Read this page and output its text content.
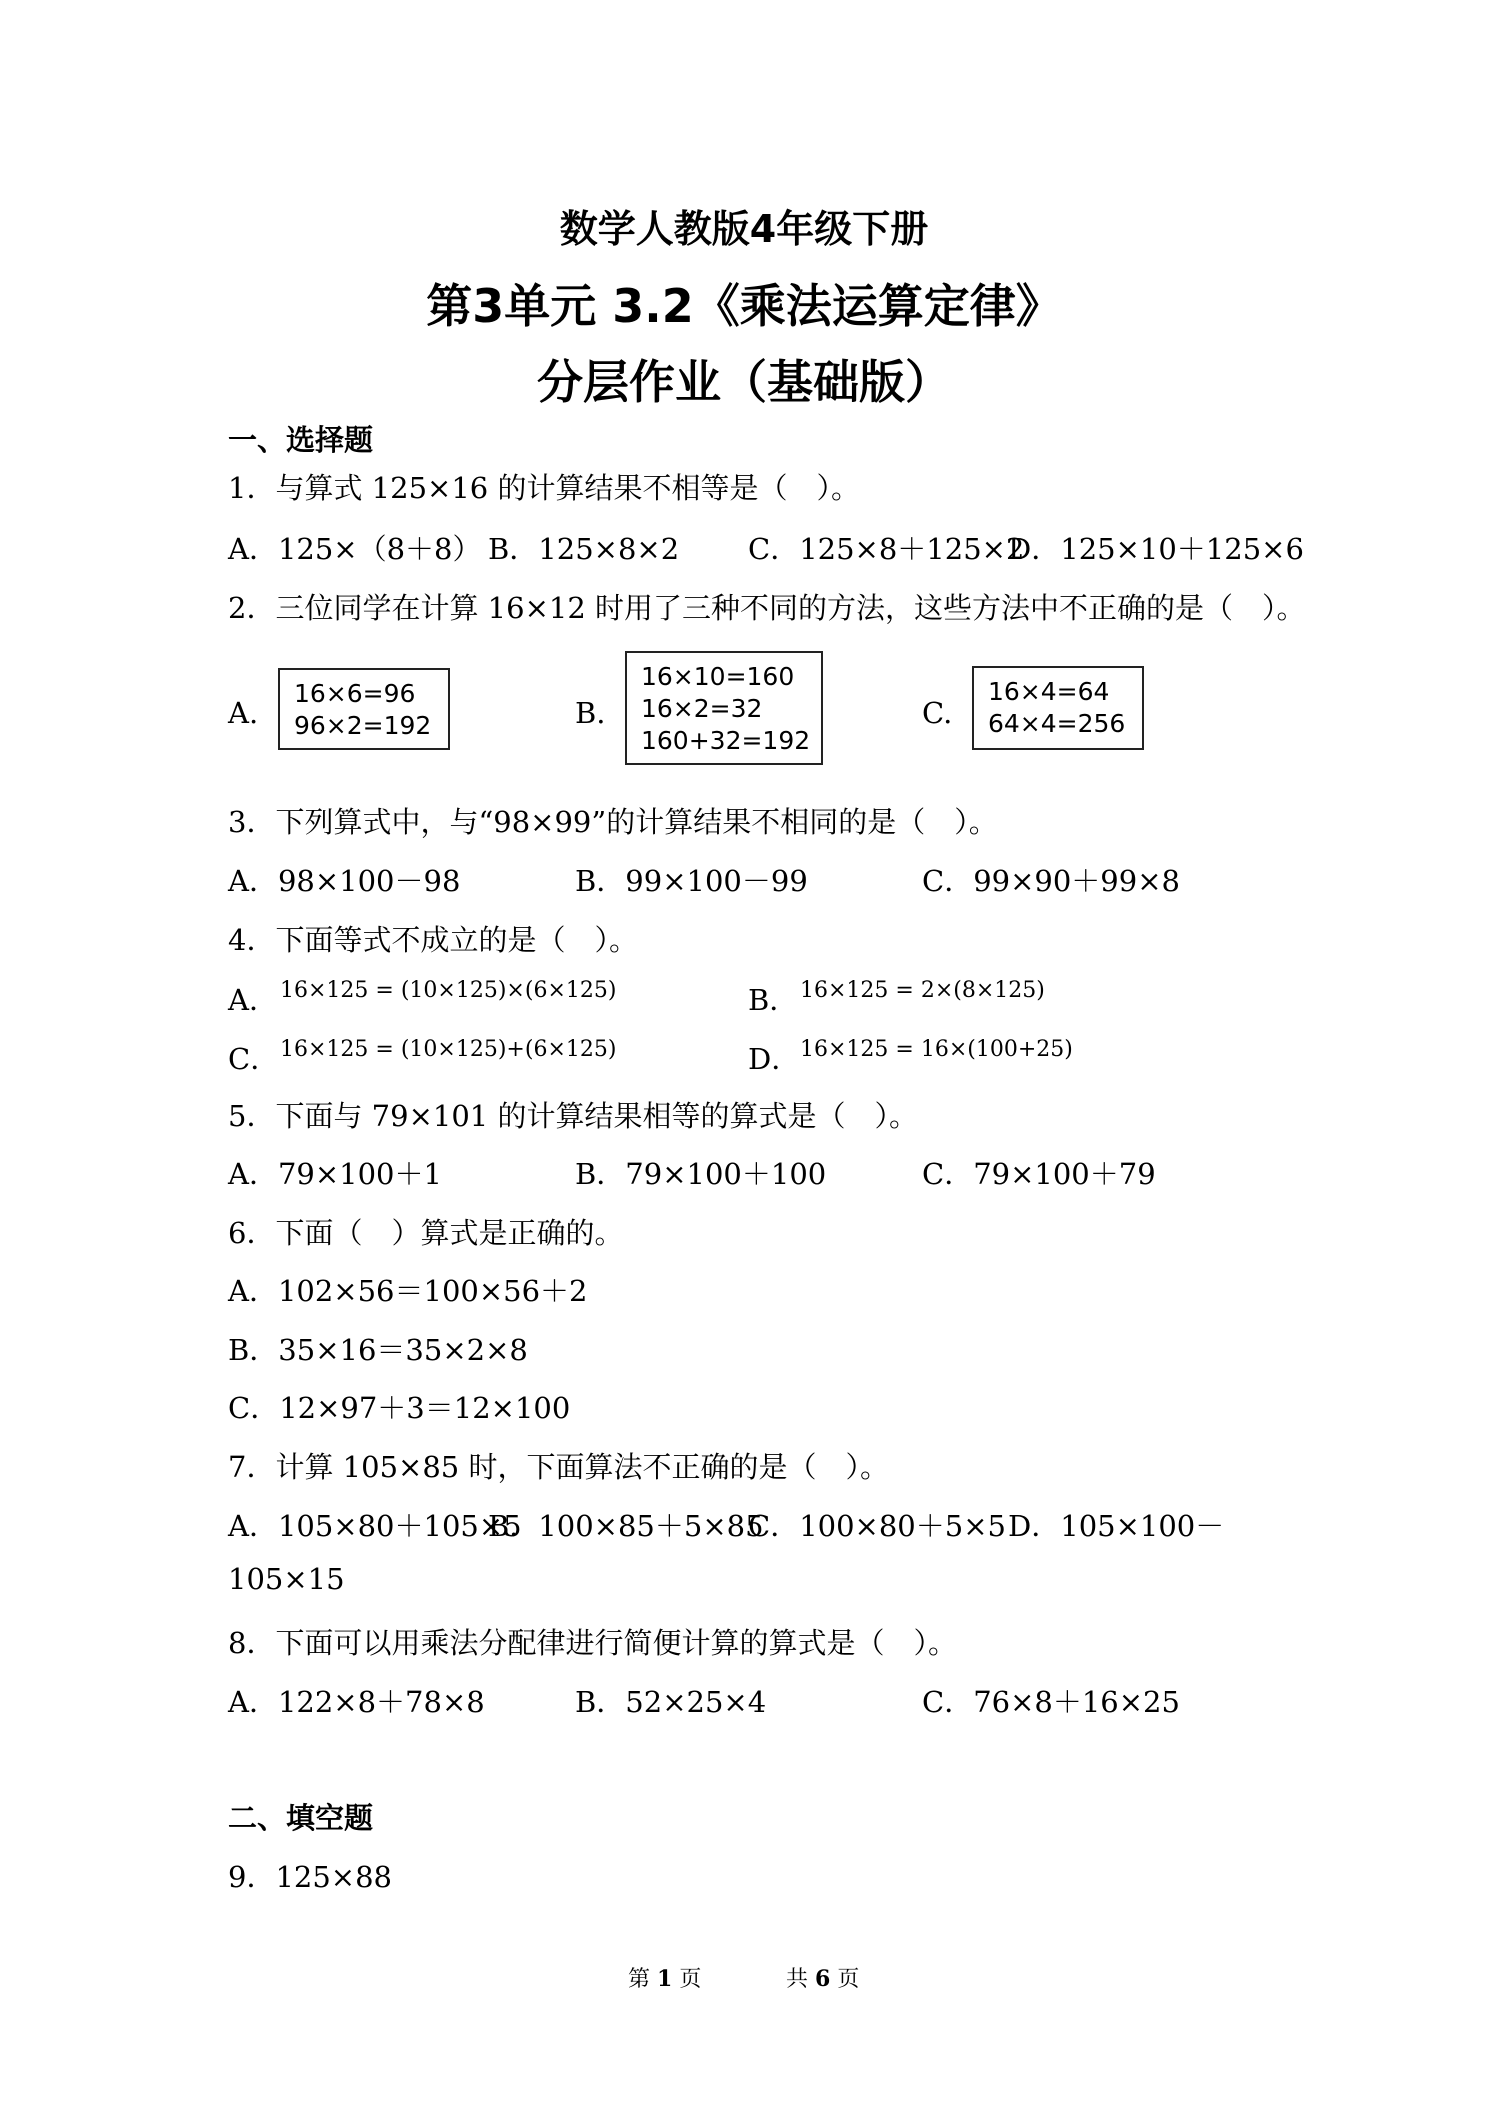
数学人教版4年级下册
第3单元 3.2《乘法运算定律》
分层作业（基础版）
一、选择题
1．与算式 125×16 的计算结果不相等是（　）。
A．125×（8＋8） B．125×8×2 C．125×8＋125×2
D．125×10＋125×6
2．三位同学在计算 16×12 时用了三种不同的方法，这些方法中不正确的是（　）。
A.
16×6=96
96×2=192	B.
16×10=160
16×2=32
160+32=192
C.
16×4=64
64×4=256
3．下列算式中，与“98×99”的计算结果不相同的是（　）。
A．98×100－98	B．99×100－99	C．99×90＋99×8
4．下面等式不成立的是（　）。
A． 16×125 = (10×125)×(6×125)	B． 16×125 = 2×(8×125)
C． 16×125 = (10×125)+(6×125)	D． 16×125 = 16×(100+25)
5．下面与 79×101 的计算结果相等的算式是（　）。
A．79×100＋1	B．79×100＋100	C．79×100＋79
6．下面（　）算式是正确的。
A．102×56＝100×56＋2
B．35×16＝35×2×8
C．12×97＋3＝12×100
7．计算 105×85 时，下面算法不正确的是（　）。
A．105×80＋105×5
B．100×85＋5×85
C．100×80＋5×5 D．105×100－
105×15
8．下面可以用乘法分配律进行简便计算的算式是（　）。
A．122×8＋78×8	B．52×25×4	C．76×8＋16×25
二、填空题
9．125×88
第 1 页	共 6 页
